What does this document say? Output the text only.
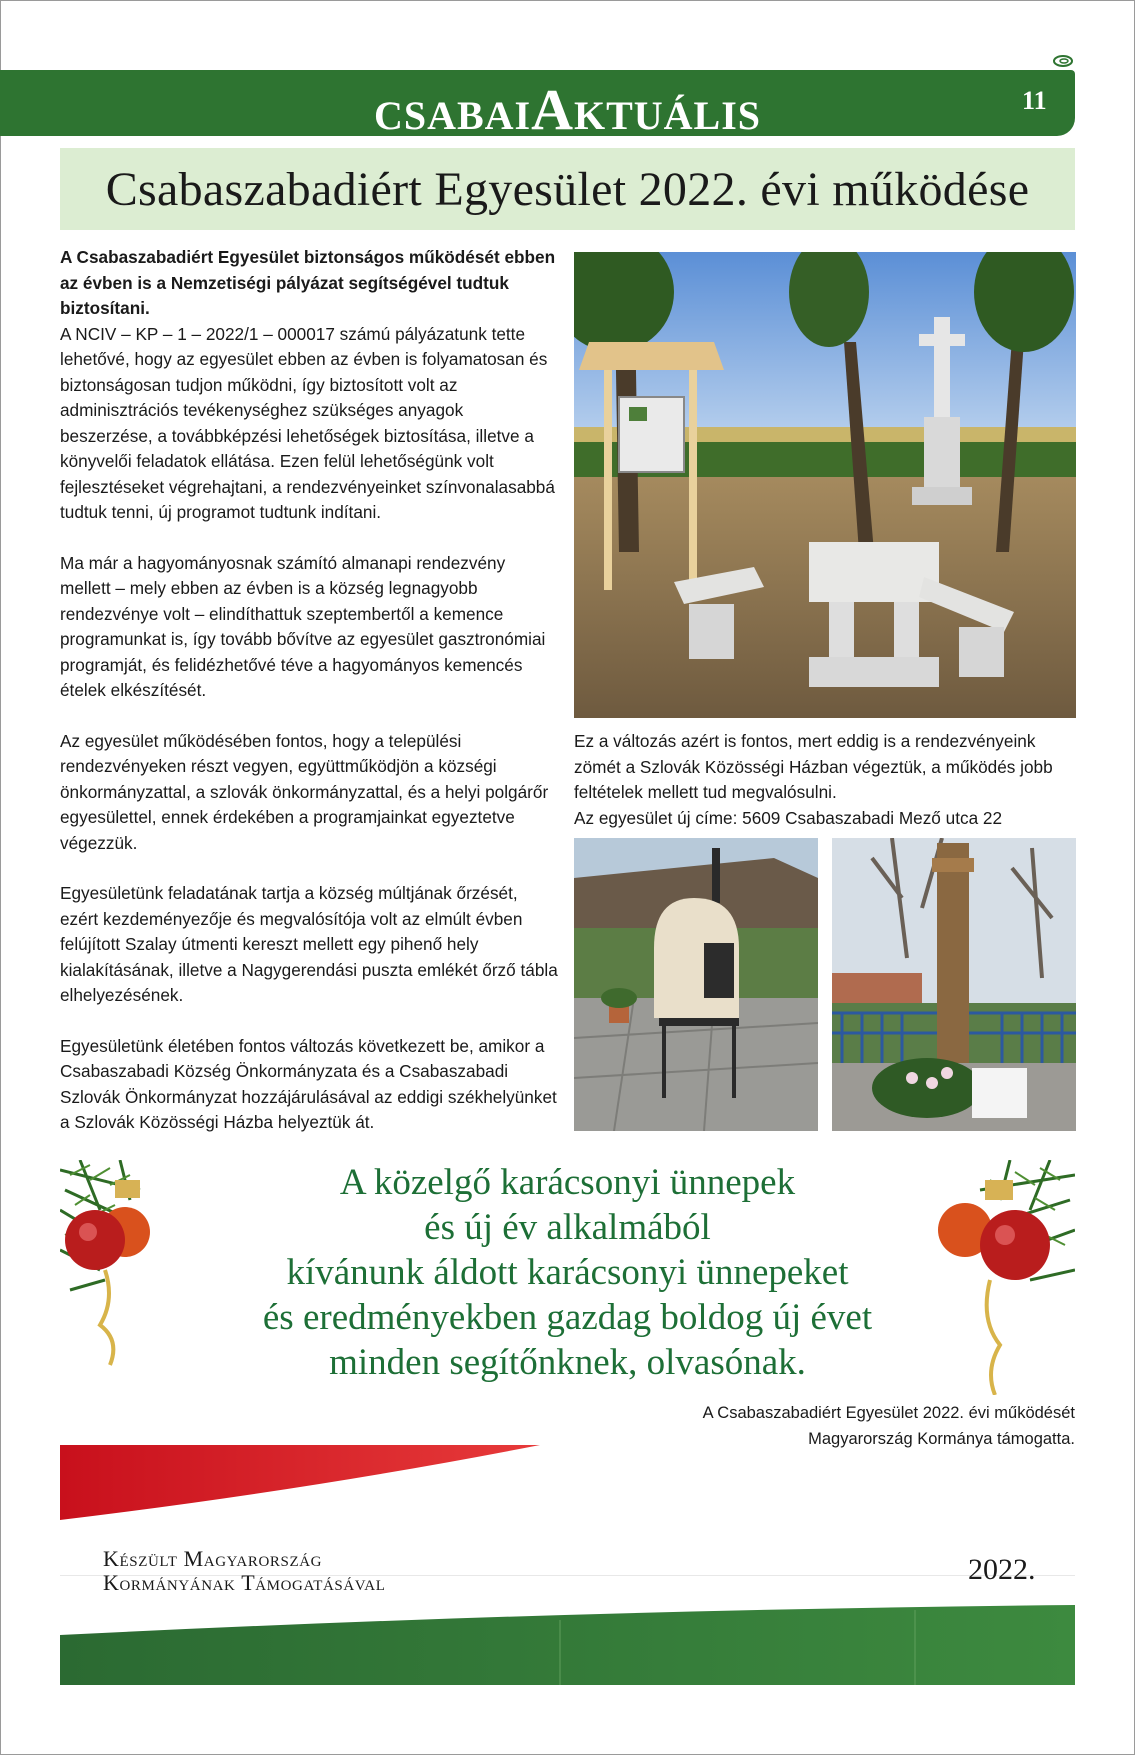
CSABAIAKTUÁLIS	11
Csabaszabadiért Egyesület 2022. évi működése

A Csabaszabadiért Egyesület biztonságos működését ebben az évben is a Nemzetiségi pályázat segítségével tudtuk biztosítani.

A NCIV – KP – 1 – 2022/1 – 000017 számú pályázatunk tette lehetővé, hogy az egyesület ebben az évben is folyamatosan és biztonságosan tudjon működni, így biztosított volt az adminisztrációs tevékenységhez szükséges anyagok beszerzése, a továbbképzési lehetőségek biztosítása, illetve a könyvelői feladatok ellátása. Ezen felül lehetőségünk volt fejlesztéseket végrehajtani, a rendezvényeinket színvonalasabbá tudtuk tenni, új programot tudtunk indítani.

Ma már a hagyományosnak számító almanapi rendezvény mellett – mely ebben az évben is a község legnagyobb rendezvénye volt – elindíthattuk szeptembertől a kemence programunkat is, így tovább bővítve az egyesület gasztronómiai programját, és felidézhetővé téve a hagyományos kemencés ételek elkészítését.

Az egyesület működésében fontos, hogy a települési rendezvényeken részt vegyen, együttműködjön a községi önkormányzattal, a szlovák önkormányzattal, és a helyi polgárőr egyesülettel, ennek érdekében a programjainkat egyeztetve végezzük.

Egyesületünk feladatának tartja a község múltjának őrzését, ezért kezdeményezője és megvalósítója volt az elmúlt évben felújított Szalay útmenti kereszt mellett egy pihenő hely kialakításának, illetve a Nagygerendási puszta emlékét őrző tábla elhelyezésének.

Egyesületünk életében fontos változás következett be, amikor a Csabaszabadi Község Önkormányzata és a Csabaszabadi Szlovák Önkormányzat hozzájárulásával az eddigi székhelyünket a Szlovák Közösségi Házba helyeztük át.

Ez a változás azért is fontos, mert eddig is a rendezvényeink zömét a Szlovák Közösségi Házban végeztük, a működés jobb feltételek mellett tud megvalósulni.

Az egyesület új címe: 5609 Csabaszabadi Mező utca 22

A közelgő karácsonyi ünnepek
és új év alkalmából
kívánunk áldott karácsonyi ünnepeket
és eredményekben gazdag boldog új évet
minden segítőnknek, olvasónak.
A Csabaszabadiért Egyesület 2022. évi működését
Magyarország Kormánya támogatta.
Készült Magyarország
Kormányának Támogatásával	2022.
